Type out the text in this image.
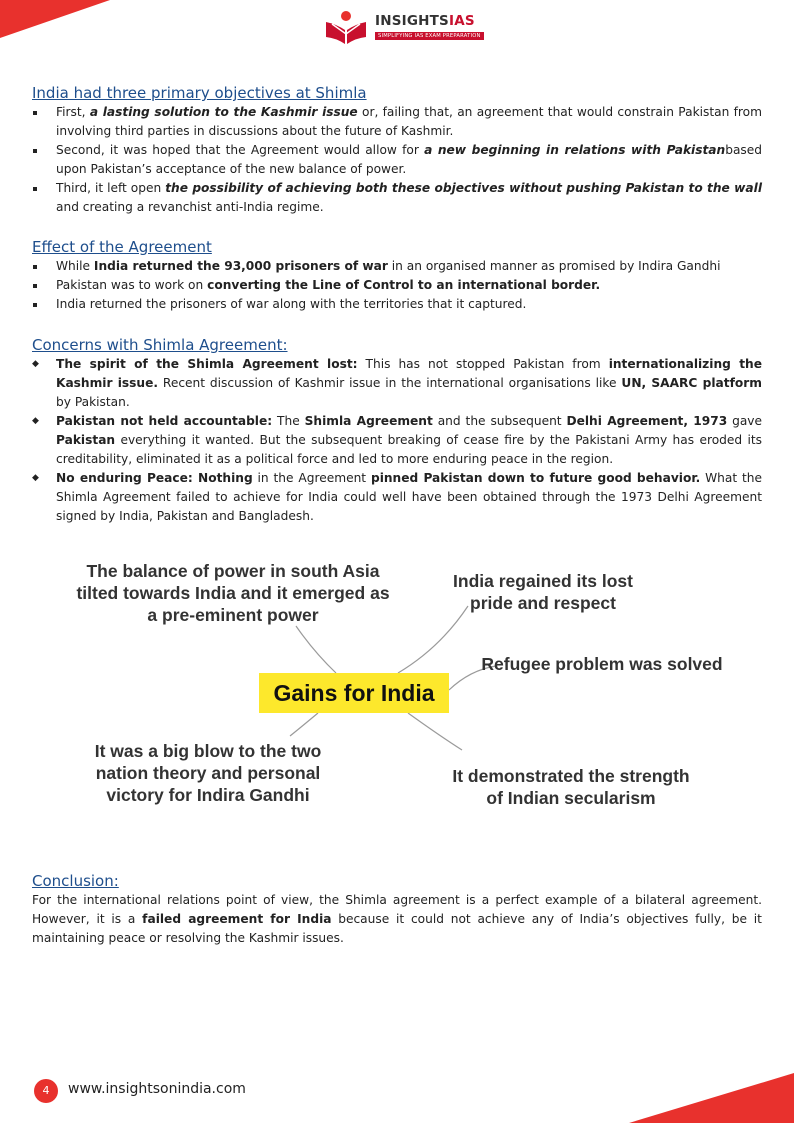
INSIGHTSIAS
SIMPLIFYING IAS EXAM PREPARATION
India had three primary objectives at Shimla
First, a lasting solution to the Kashmir issue or, failing that, an agreement that would constrain Pakistan from involving third parties in discussions about the future of Kashmir.
Second, it was hoped that the Agreement would allow for a new beginning in relations with Pakistanbased upon Pakistan’s acceptance of the new balance of power.
Third, it left open the possibility of achieving both these objectives without pushing Pakistan to the wall and creating a revanchist anti-India regime.
Effect of the Agreement
While India returned the 93,000 prisoners of war in an organised manner as promised by Indira Gandhi
Pakistan was to work on converting the Line of Control to an international border.
India returned the prisoners of war along with the territories that it captured.
Concerns with Shimla Agreement:
◆ The spirit of the Shimla Agreement lost: This has not stopped Pakistan from internationalizing the Kashmir issue. Recent discussion of Kashmir issue in the international organisations like UN, SAARC platform by Pakistan.
◆ Pakistan not held accountable: The Shimla Agreement and the subsequent Delhi Agreement, 1973 gave Pakistan everything it wanted. But the subsequent breaking of cease fire by the Pakistani Army has eroded its creditability, eliminated it as a political force and led to more enduring peace in the region.
◆ No enduring Peace: Nothing in the Agreement pinned Pakistan down to future good behavior. What the Shimla Agreement failed to achieve for India could well have been obtained through the 1973 Delhi Agreement signed by India, Pakistan and Bangladesh.
The balance of power in south Asia
tilted towards India and it emerged as
a pre-eminent power
India regained its lost
pride and respect
Refugee problem was solved
Gains for India
It was a big blow to the two
nation theory and personal
victory for Indira Gandhi
It demonstrated the strength
of Indian secularism
Conclusion:

For the international relations point of view, the Shimla agreement is a perfect example of a bilateral agreement. However, it is a failed agreement for India because it could not achieve any of India’s objectives fully, be it maintaining peace or resolving the Kashmir issues.

4	www.insightsonindia.com
